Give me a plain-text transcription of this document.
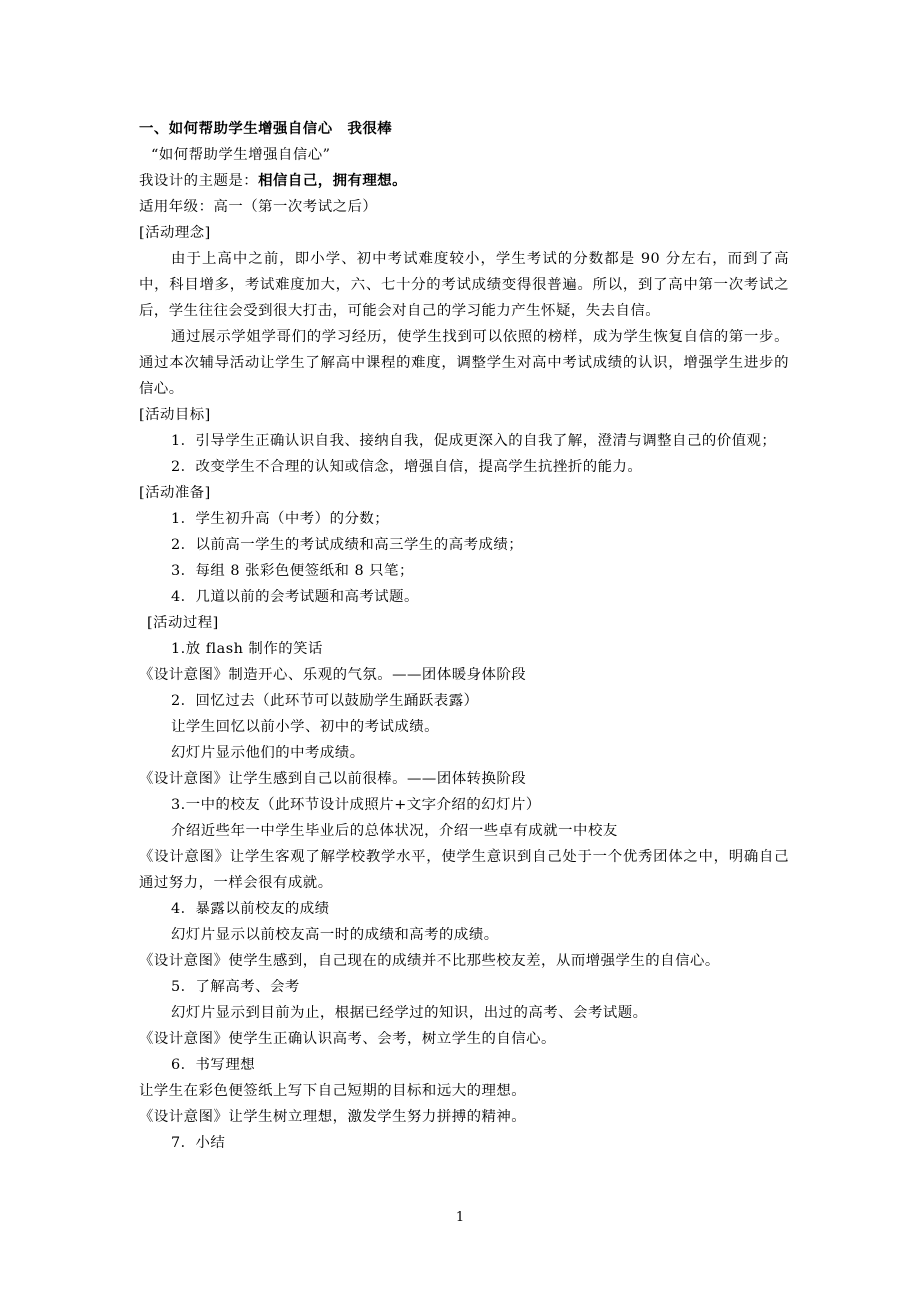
一、如何帮助学生增强自信心　我很棒
“如何帮助学生增强自信心”
我设计的主题是：相信自己，拥有理想。
适用年级：高一（第一次考试之后）
[活动理念]
由于上高中之前，即小学、初中考试难度较小，学生考试的分数都是 90 分左右，而到了高中，科目增多，考试难度加大，六、七十分的考试成绩变得很普遍。所以，到了高中第一次考试之后，学生往往会受到很大打击，可能会对自己的学习能力产生怀疑，失去自信。
通过展示学姐学哥们的学习经历，使学生找到可以依照的榜样，成为学生恢复自信的第一步。通过本次辅导活动让学生了解高中课程的难度，调整学生对高中考试成绩的认识，增强学生进步的信心。
[活动目标]
1．引导学生正确认识自我、接纳自我，促成更深入的自我了解，澄清与调整自己的价值观；
2．改变学生不合理的认知或信念，增强自信，提高学生抗挫折的能力。
[活动准备]
1．学生初升高（中考）的分数；
2．以前高一学生的考试成绩和高三学生的高考成绩；
3．每组 8 张彩色便签纸和 8 只笔；
4．几道以前的会考试题和高考试题。
[活动过程]
1.放 flash 制作的笑话
《设计意图》制造开心、乐观的气氛。——团体暖身体阶段
2．回忆过去（此环节可以鼓励学生踊跃表露）
让学生回忆以前小学、初中的考试成绩。
幻灯片显示他们的中考成绩。
《设计意图》让学生感到自己以前很棒。——团体转换阶段
3.一中的校友（此环节设计成照片+文字介绍的幻灯片）
介绍近些年一中学生毕业后的总体状况，介绍一些卓有成就一中校友
《设计意图》让学生客观了解学校教学水平，使学生意识到自己处于一个优秀团体之中，明确自己通过努力，一样会很有成就。
4．暴露以前校友的成绩
幻灯片显示以前校友高一时的成绩和高考的成绩。
《设计意图》使学生感到，自己现在的成绩并不比那些校友差，从而增强学生的自信心。
5．了解高考、会考
幻灯片显示到目前为止，根据已经学过的知识，出过的高考、会考试题。
《设计意图》使学生正确认识高考、会考，树立学生的自信心。
6．书写理想
让学生在彩色便签纸上写下自己短期的目标和远大的理想。
《设计意图》让学生树立理想，激发学生努力拼搏的精神。
7．小结
1
